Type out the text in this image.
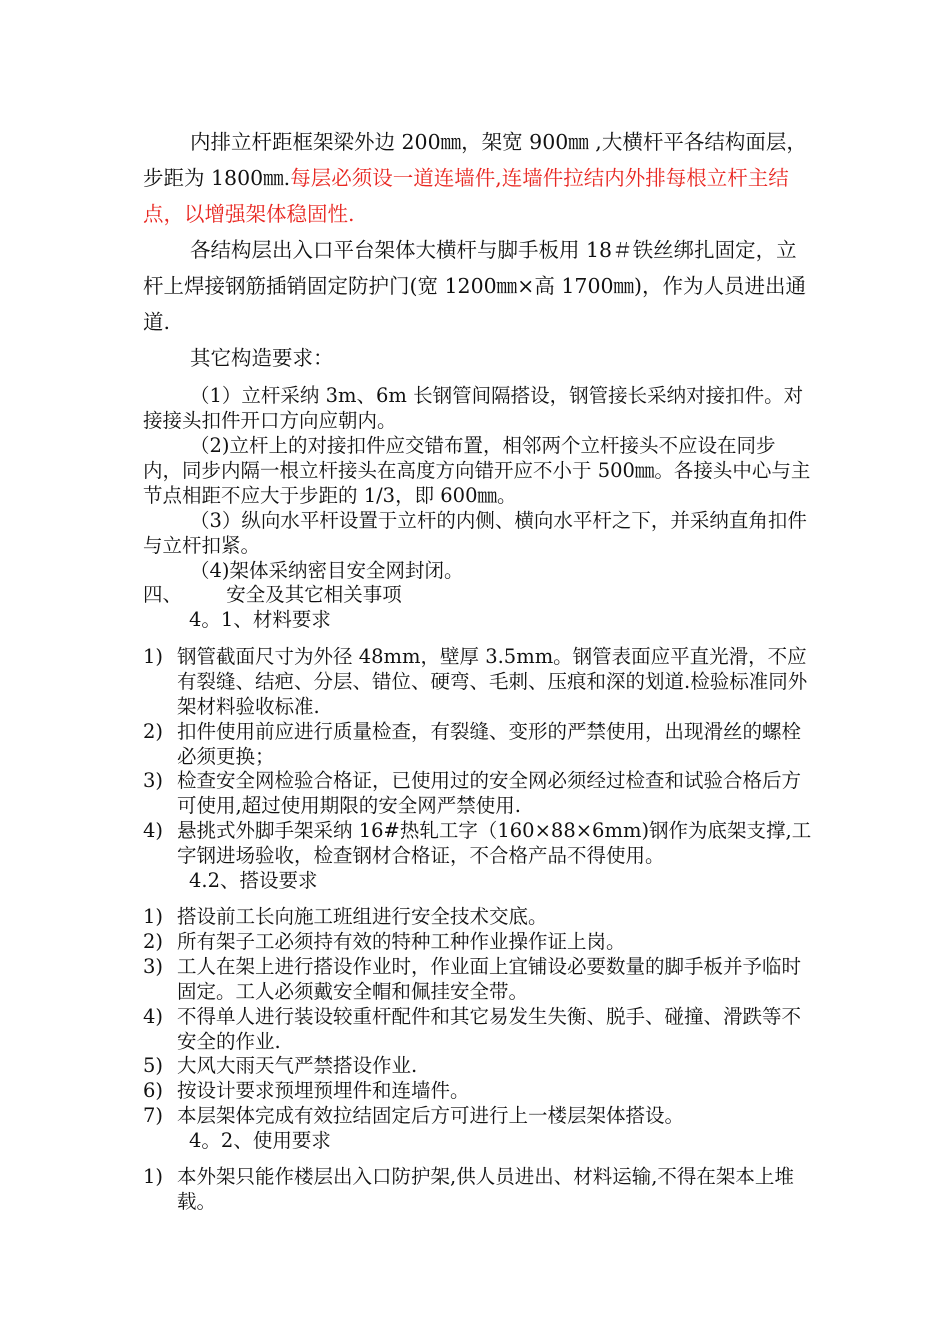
内排立杆距框架梁外边 200㎜，架宽 900㎜ ,大横杆平各结构面层，步距为 1800㎜.每层必须设一道连墙件,连墙件拉结内外排每根立杆主结点，以增强架体稳固性.
各结构层出入口平台架体大横杆与脚手板用 18＃铁丝绑扎固定，立杆上焊接钢筋插销固定防护门(宽 1200㎜×高 1700㎜)，作为人员进出通道.
其它构造要求：
（1）立杆采纳 3m、6m 长钢管间隔搭设，钢管接长采纳对接扣件。对接接头扣件开口方向应朝内。
（2)立杆上的对接扣件应交错布置，相邻两个立杆接头不应设在同步内，同步内隔一根立杆接头在高度方向错开应不小于 500㎜。各接头中心与主节点相距不应大于步距的 1/3，即 600㎜。
（3）纵向水平杆设置于立杆的内侧、横向水平杆之下，并采纳直角扣件与立杆扣紧。
（4)架体采纳密目安全网封闭。
四、 安全及其它相关事项
4。1、材料要求
1) 钢管截面尺寸为外径 48mm，壁厚 3.5mm。钢管表面应平直光滑，不应有裂缝、结疤、分层、错位、硬弯、毛刺、压痕和深的划道.检验标准同外架材料验收标准.
2) 扣件使用前应进行质量检查，有裂缝、变形的严禁使用，出现滑丝的螺栓必须更换；
3) 检查安全网检验合格证，已使用过的安全网必须经过检查和试验合格后方可使用,超过使用期限的安全网严禁使用.
4) 悬挑式外脚手架采纳 16#热轧工字（160×88×6mm)钢作为底架支撑,工字钢进场验收，检查钢材合格证，不合格产品不得使用。
4.2、搭设要求
1) 搭设前工长向施工班组进行安全技术交底。
2) 所有架子工必须持有效的特种工种作业操作证上岗。
3) 工人在架上进行搭设作业时，作业面上宜铺设必要数量的脚手板并予临时固定。工人必须戴安全帽和佩挂安全带。
4) 不得单人进行装设较重杆配件和其它易发生失衡、脱手、碰撞、滑跌等不安全的作业.
5) 大风大雨天气严禁搭设作业.
6) 按设计要求预埋预埋件和连墙件。
7) 本层架体完成有效拉结固定后方可进行上一楼层架体搭设。
4。2、使用要求
1) 本外架只能作楼层出入口防护架,供人员进出、材料运输,不得在架本上堆载。
